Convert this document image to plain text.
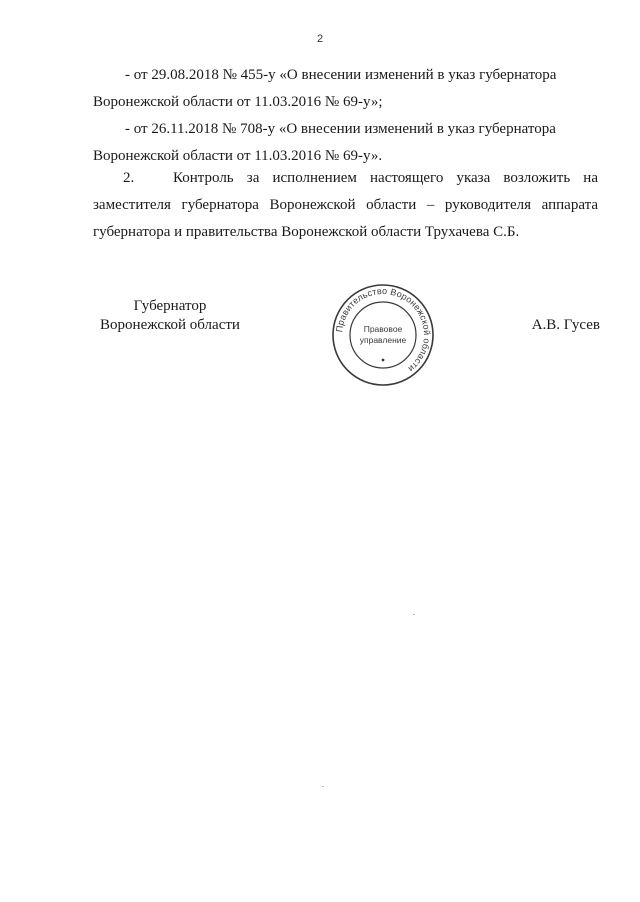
2
- от 29.08.2018 № 455-у «О внесении изменений в указ губернатора
Воронежской области от 11.03.2016 № 69-у»;
- от 26.11.2018 № 708-у «О внесении изменений в указ губернатора
Воронежской области от 11.03.2016 № 69-у».
2.	Контроль за исполнением настоящего указа возложить на заместителя губернатора Воронежской области – руководителя аппарата губернатора и правительства Воронежской области Трухачева С.Б.
Губернатор
Воронежской области	Правительство Воронежской области
Правовое
управление
А.В. Гусев
